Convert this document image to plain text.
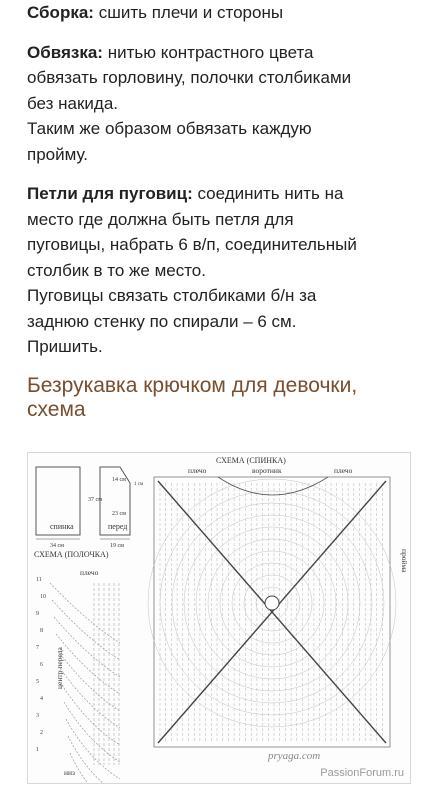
Сборка: сшить плечи и стороны

Обвязка: нитью контрастного цвета
обвязать горловину, полочки столбиками
без накида.
Таким же образом обвязать каждую
пройму.

Петли для пуговиц: соединить нить на
место где должна быть петля для
пуговицы, набрать 6 в/п, соединительный
столбик в то же место.
Пуговицы связать столбиками б/н за
заднюю стенку по спирали – 6 см.
Пришить.

Безрукавка крючком для девочки,
схема
спинка	перед
34 см	19 см
37 см
14 см
23 см
1 см
СХЕМА (СПИНКА)
плечо	воротник	плечо
пройма
pryaga.com
СХЕМА (ПОЛОЧКА)
плечо
центр переда
низ
11
10
9
8
7
6
5
4
3
2
1
PassionForum.ru
